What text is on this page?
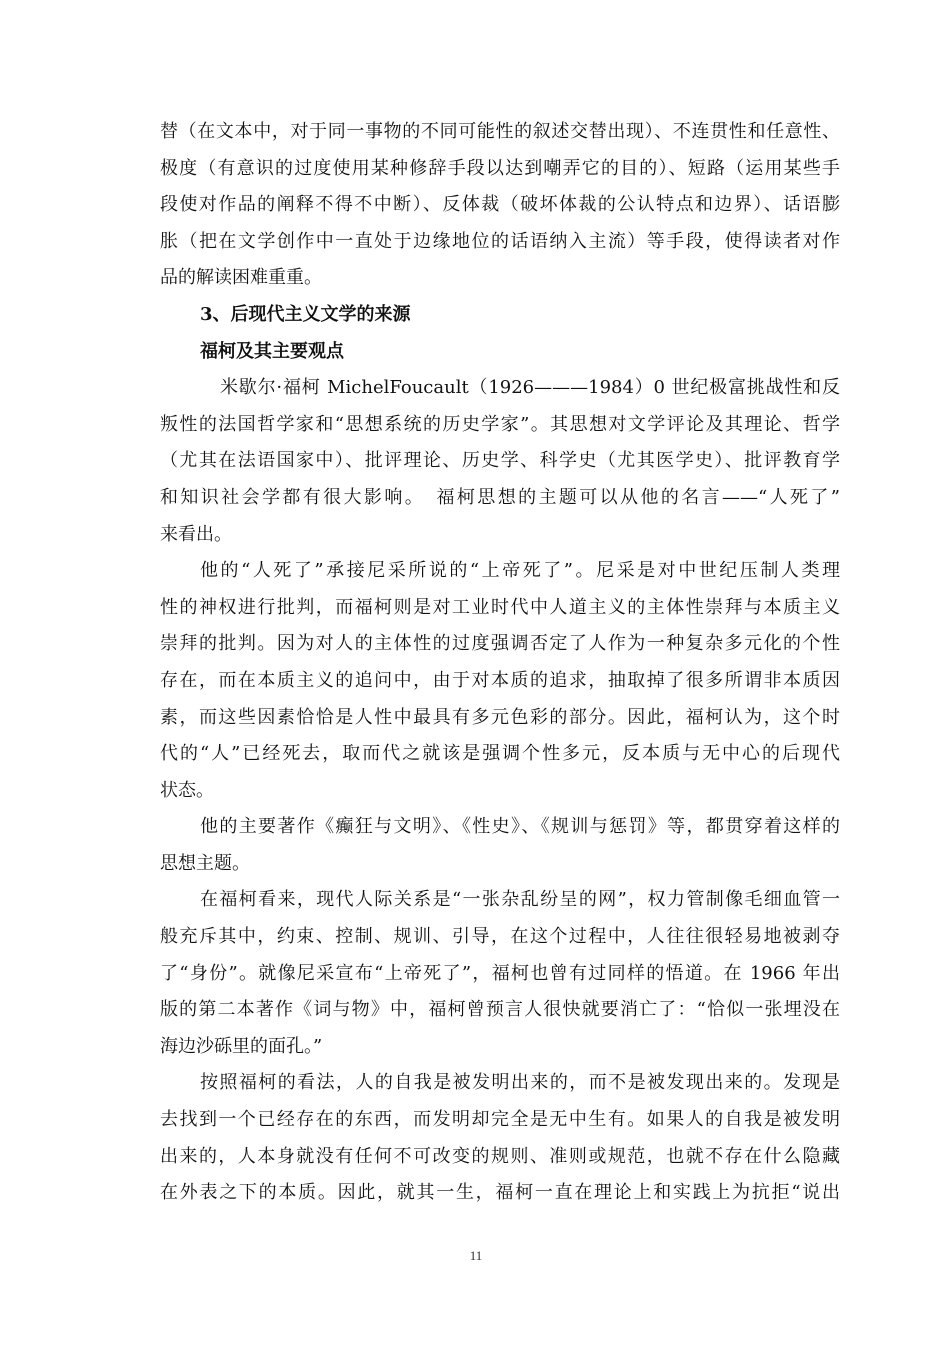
替（在文本中，对于同一事物的不同可能性的叙述交替出现）、不连贯性和任意性、
极度（有意识的过度使用某种修辞手段以达到嘲弄它的目的）、短路（运用某些手
段使对作品的阐释不得不中断）、反体裁（破坏体裁的公认特点和边界）、话语膨
胀（把在文学创作中一直处于边缘地位的话语纳入主流）等手段，使得读者对作
品的解读困难重重。
3、后现代主义文学的来源
福柯及其主要观点
米歇尔·福柯 MichelFoucault（1926———1984）0 世纪极富挑战性和反
叛性的法国哲学家和“思想系统的历史学家”。其思想对文学评论及其理论、哲学
（尤其在法语国家中）、批评理论、历史学、科学史（尤其医学史）、批评教育学
和知识社会学都有很大影响。　福柯思想的主题可以从他的名言——“人死了”
来看出。
他的“人死了”承接尼采所说的“上帝死了”。尼采是对中世纪压制人类理
性的神权进行批判，而福柯则是对工业时代中人道主义的主体性崇拜与本质主义
崇拜的批判。因为对人的主体性的过度强调否定了人作为一种复杂多元化的个性
存在，而在本质主义的追问中，由于对本质的追求，抽取掉了很多所谓非本质因
素，而这些因素恰恰是人性中最具有多元色彩的部分。因此，福柯认为，这个时
代的“人”已经死去，取而代之就该是强调个性多元，反本质与无中心的后现代
状态。
他的主要著作《癫狂与文明》、《性史》、《规训与惩罚》等，都贯穿着这样的
思想主题。
在福柯看来，现代人际关系是“一张杂乱纷呈的网”，权力管制像毛细血管一
般充斥其中，约束、控制、规训、引导，在这个过程中，人往往很轻易地被剥夺
了“身份”。就像尼采宣布“上帝死了”，福柯也曾有过同样的悟道。在 1966 年出
版的第二本著作《词与物》中，福柯曾预言人很快就要消亡了：“恰似一张埋没在
海边沙砾里的面孔。”
按照福柯的看法，人的自我是被发明出来的，而不是被发现出来的。发现是
去找到一个已经存在的东西，而发明却完全是无中生有。如果人的自我是被发明
出来的，人本身就没有任何不可改变的规则、准则或规范，也就不存在什么隐藏
在外表之下的本质。因此，就其一生，福柯一直在理论上和实践上为抗拒“说出
11
